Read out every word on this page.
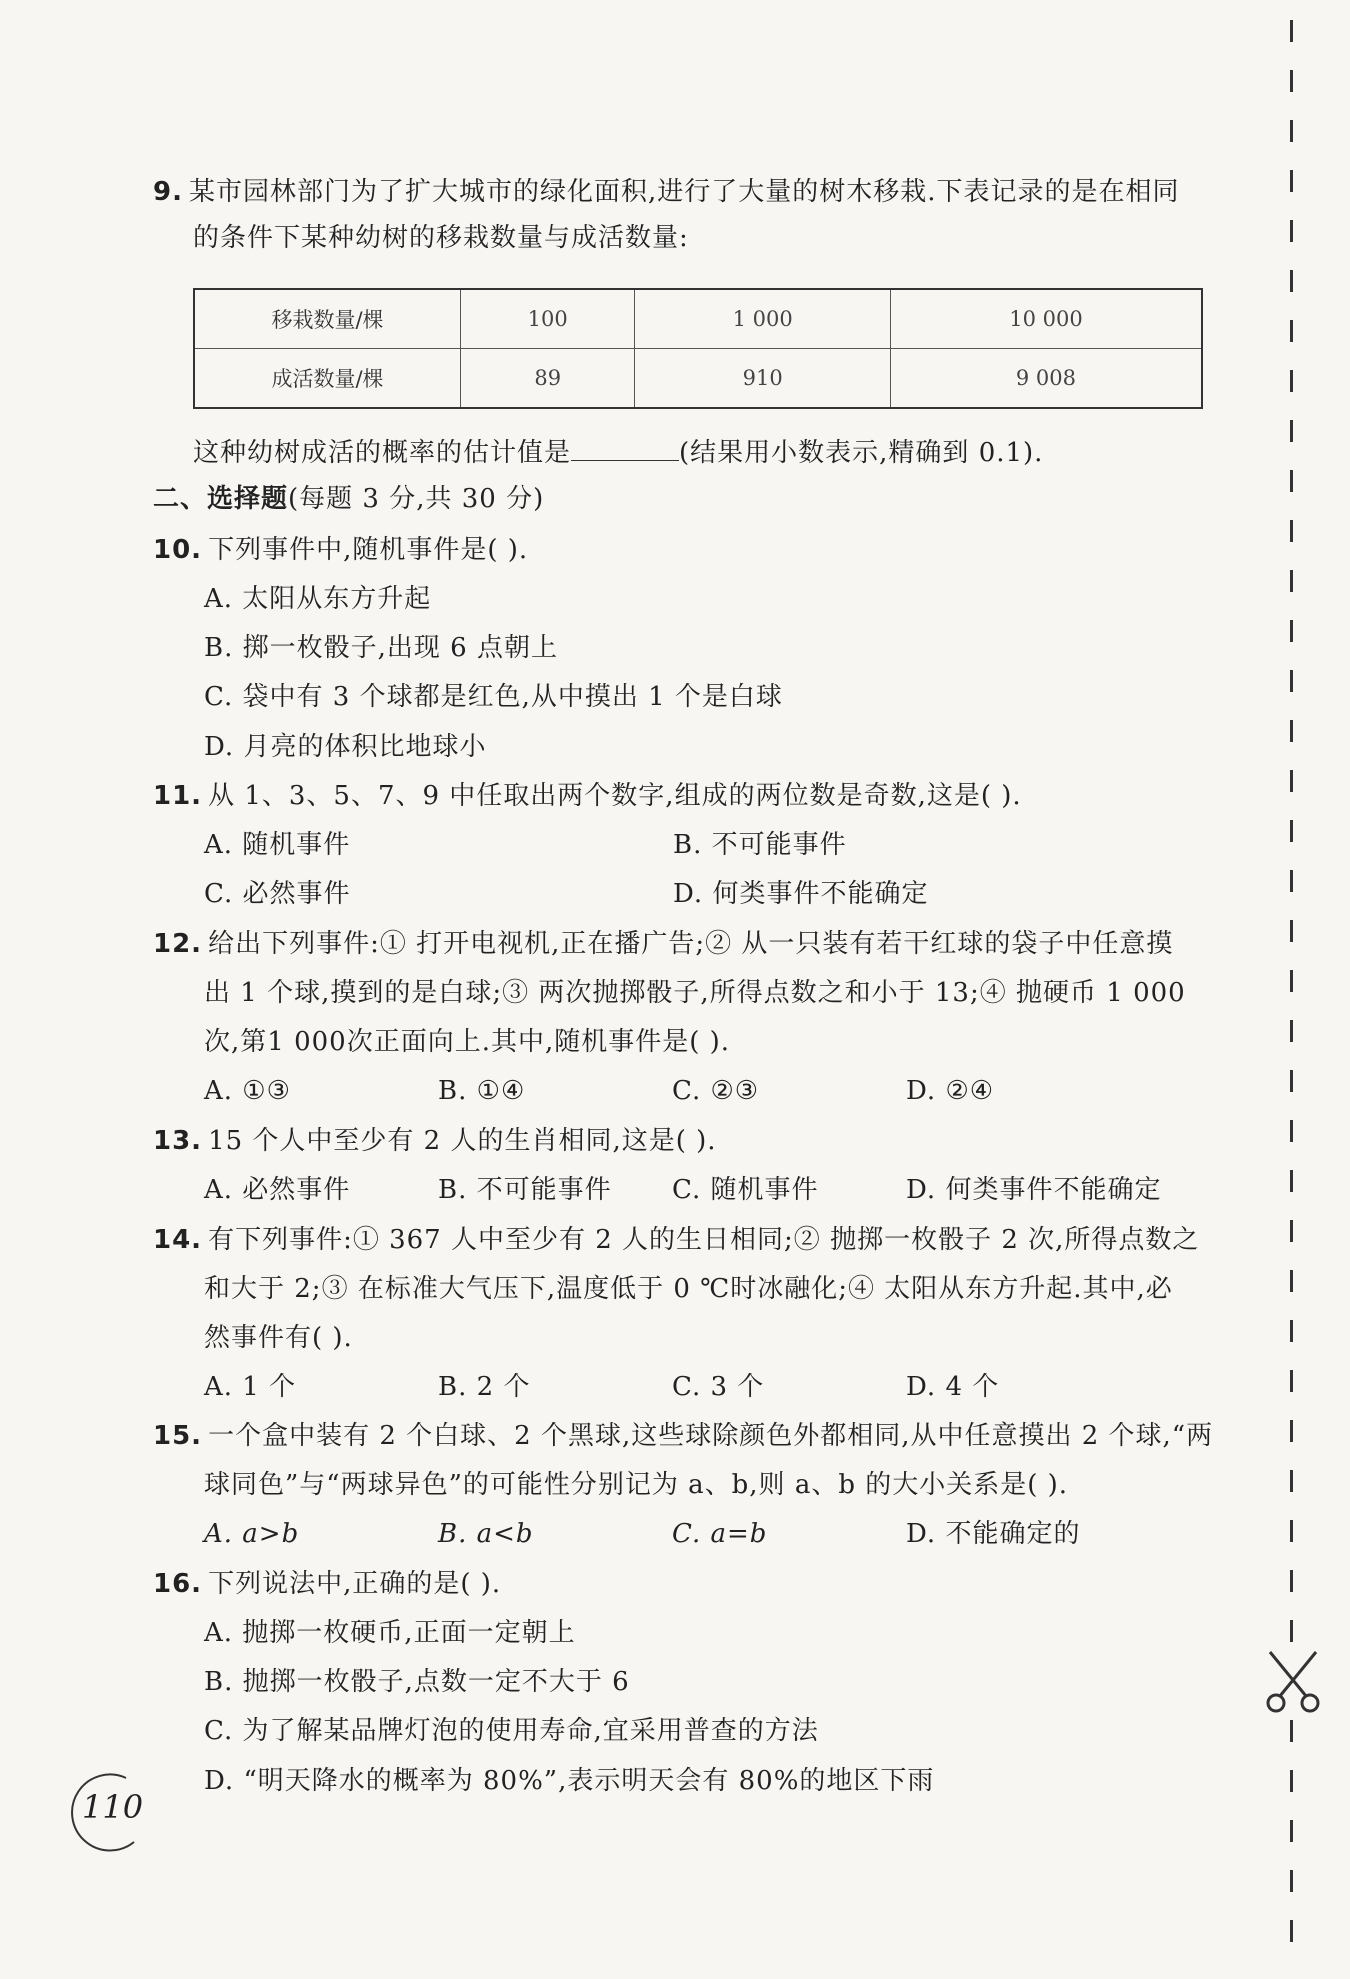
9. 某市园林部门为了扩大城市的绿化面积,进行了大量的树木移栽.下表记录的是在相同
的条件下某种幼树的移栽数量与成活数量:
移栽数量/棵	100	1 000	10 000
成活数量/棵	89	910	9 008
这种幼树成活的概率的估计值是	(结果用小数表示,精确到 0.1).
二、选择题(每题 3 分,共 30 分)
10. 下列事件中,随机事件是( ).
A. 太阳从东方升起
B. 掷一枚骰子,出现 6 点朝上
C. 袋中有 3 个球都是红色,从中摸出 1 个是白球
D. 月亮的体积比地球小
11. 从 1、3、5、7、9 中任取出两个数字,组成的两位数是奇数,这是( ).
A. 随机事件	B. 不可能事件
C. 必然事件	D. 何类事件不能确定
12. 给出下列事件:① 打开电视机,正在播广告;② 从一只装有若干红球的袋子中任意摸
出 1 个球,摸到的是白球;③ 两次抛掷骰子,所得点数之和小于 13;④ 抛硬币 1 000
次,第1 000次正面向上.其中,随机事件是( ).
A. ①③	B. ①④	C. ②③	D. ②④
13. 15 个人中至少有 2 人的生肖相同,这是( ).
A. 必然事件	B. 不可能事件 C. 随机事件	D. 何类事件不能确定
14. 有下列事件:① 367 人中至少有 2 人的生日相同;② 抛掷一枚骰子 2 次,所得点数之
和大于 2;③ 在标准大气压下,温度低于 0 ℃时冰融化;④ 太阳从东方升起.其中,必
然事件有( ).
A. 1 个	B. 2 个	C. 3 个	D. 4 个
15. 一个盒中装有 2 个白球、2 个黑球,这些球除颜色外都相同,从中任意摸出 2 个球,“两
球同色”与“两球异色”的可能性分别记为 a、b,则 a、b 的大小关系是( ).
A. a>b	B. a<b	C. a=b	D. 不能确定的
16. 下列说法中,正确的是( ).
A. 抛掷一枚硬币,正面一定朝上
B. 抛掷一枚骰子,点数一定不大于 6
C. 为了解某品牌灯泡的使用寿命,宜采用普查的方法
D. “明天降水的概率为 80%”,表示明天会有 80%的地区下雨
110
